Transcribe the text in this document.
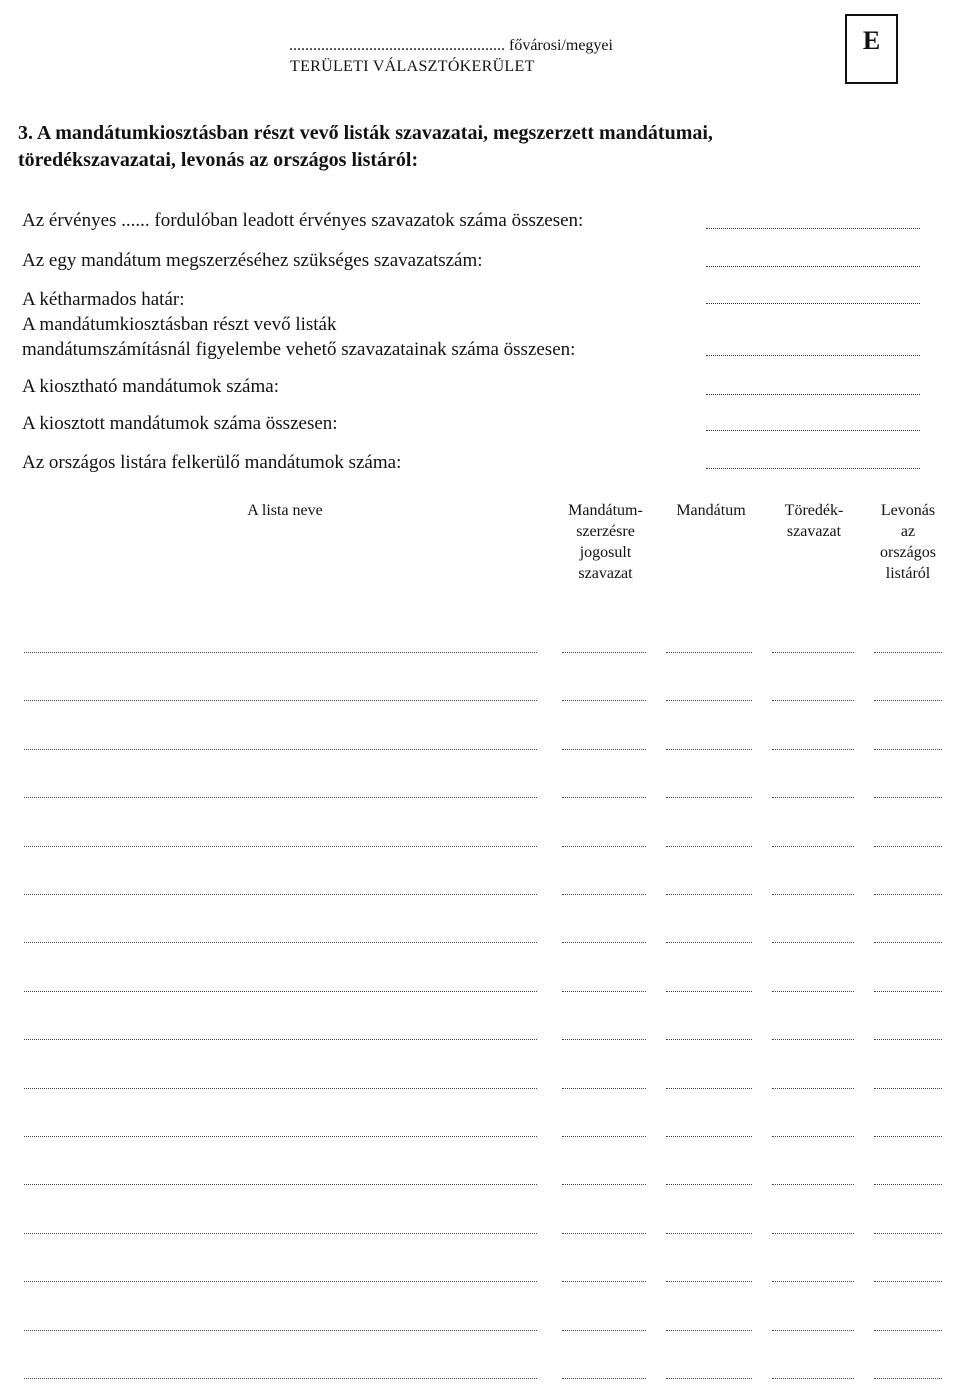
...................................................... fővárosi/megyei
TERÜLETI VÁLASZTÓKERÜLET
E
3. A mandátumkiosztásban részt vevő listák szavazatai, megszerzett mandátumai, töredékszavazatai, levonás az országos listáról:
Az érvényes ...... fordulóban leadott érvényes szavazatok száma összesen:
Az egy mandátum megszerzéséhez szükséges szavazatszám:
A kétharmados határ:
A mandátumkiosztásban részt vevő listák
mandátumszámításnál figyelembe vehető szavazatainak száma összesen:
A kiosztható mandátumok száma:
A kiosztott mandátumok száma összesen:
Az országos listára felkerülő mandátumok száma:
A lista neve	Mandátum-
szerzésre
jogosult
szavazat
Mandátum	Töredék-
szavazat
Levonás
az
országos
listáról
